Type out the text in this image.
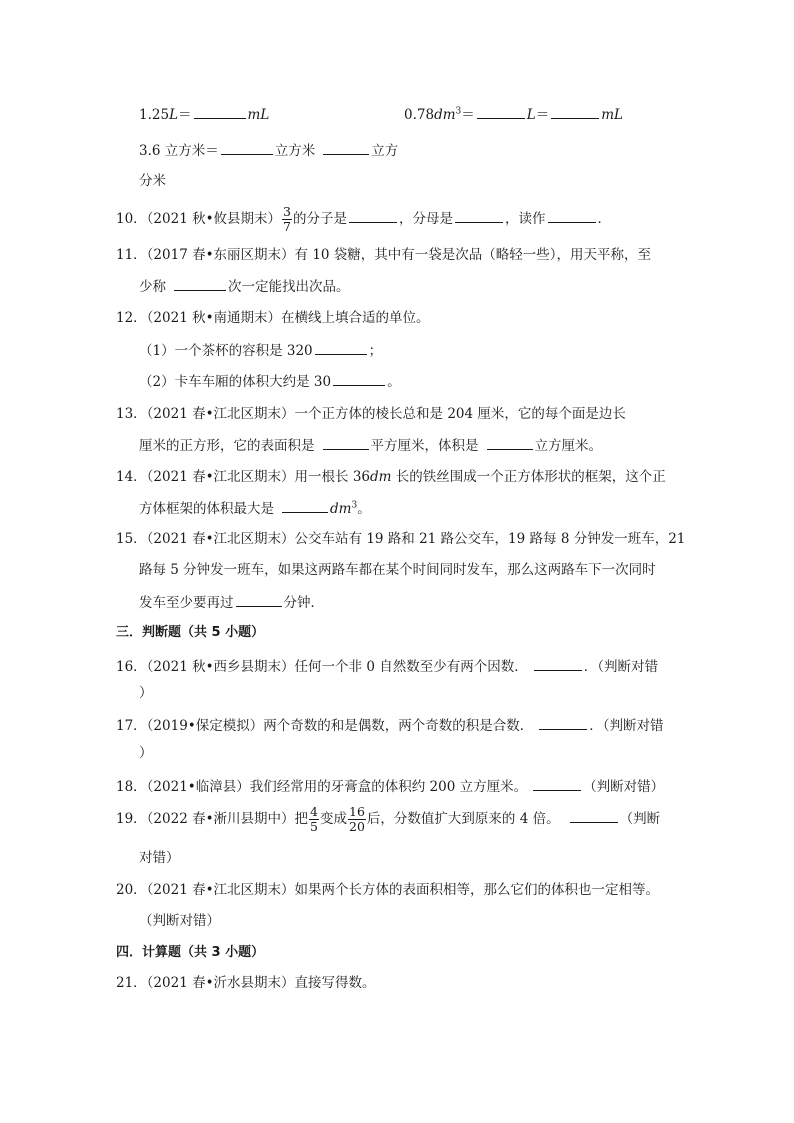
1.25L＝	mL	$0.78dm^3=$	L＝	mL
3.6 立方米＝	立方米	立方
分米
10．（2021 秋•攸县期末） $\frac{3}{7}$ 的分子是	，分母是	，读作	．
11．（2017 春•东丽区期末）有 10 袋糖，其中有一袋是次品（略轻一些），用天平称，至
少称	次一定能找出次品。
12．（2021 秋•南通期末）在横线上填合适的单位。
（1）一个茶杯的容积是 320	；
（2）卡车车厢的体积大约是 30	。
13．（2021 春•江北区期末）一个正方体的棱长总和是 204 厘米，它的每个面是边长
厘米的正方形，它的表面积是	平方厘米，体积是	立方厘米。
14．（2021 春•江北区期末）用一根长 36dm 长的铁丝围成一个正方体形状的框架，这个正
方体框架的体积最大是	$dm^3$。
15．（2021 春•江北区期末）公交车站有 19 路和 21 路公交车，19 路每 8 分钟发一班车，21
路每 5 分钟发一班车，如果这两路车都在某个时间同时发车，那么这两路车下一次同时
发车至少要再过	分钟．
三．判断题（共 5 小题）
16．（2021 秋•西乡县期末）任何一个非 0 自然数至少有两个因数．	．（判断对错
）
17．（2019•保定模拟）两个奇数的和是偶数，两个奇数的积是合数．	．（判断对错
）
18．（2021•临漳县）我们经常用的牙膏盒的体积约 200 立方厘米。	（判断对错）
19．（2022 春•淅川县期中）把 $\frac{4}{5}$ 变成 $\frac{16}{20}$ 后，分数值扩大到原来的 4 倍。	（判断
对错）
20．（2021 春•江北区期末）如果两个长方体的表面积相等，那么它们的体积也一定相等。
（判断对错）
四．计算题（共 3 小题）
21．（2021 春•沂水县期末）直接写得数。
